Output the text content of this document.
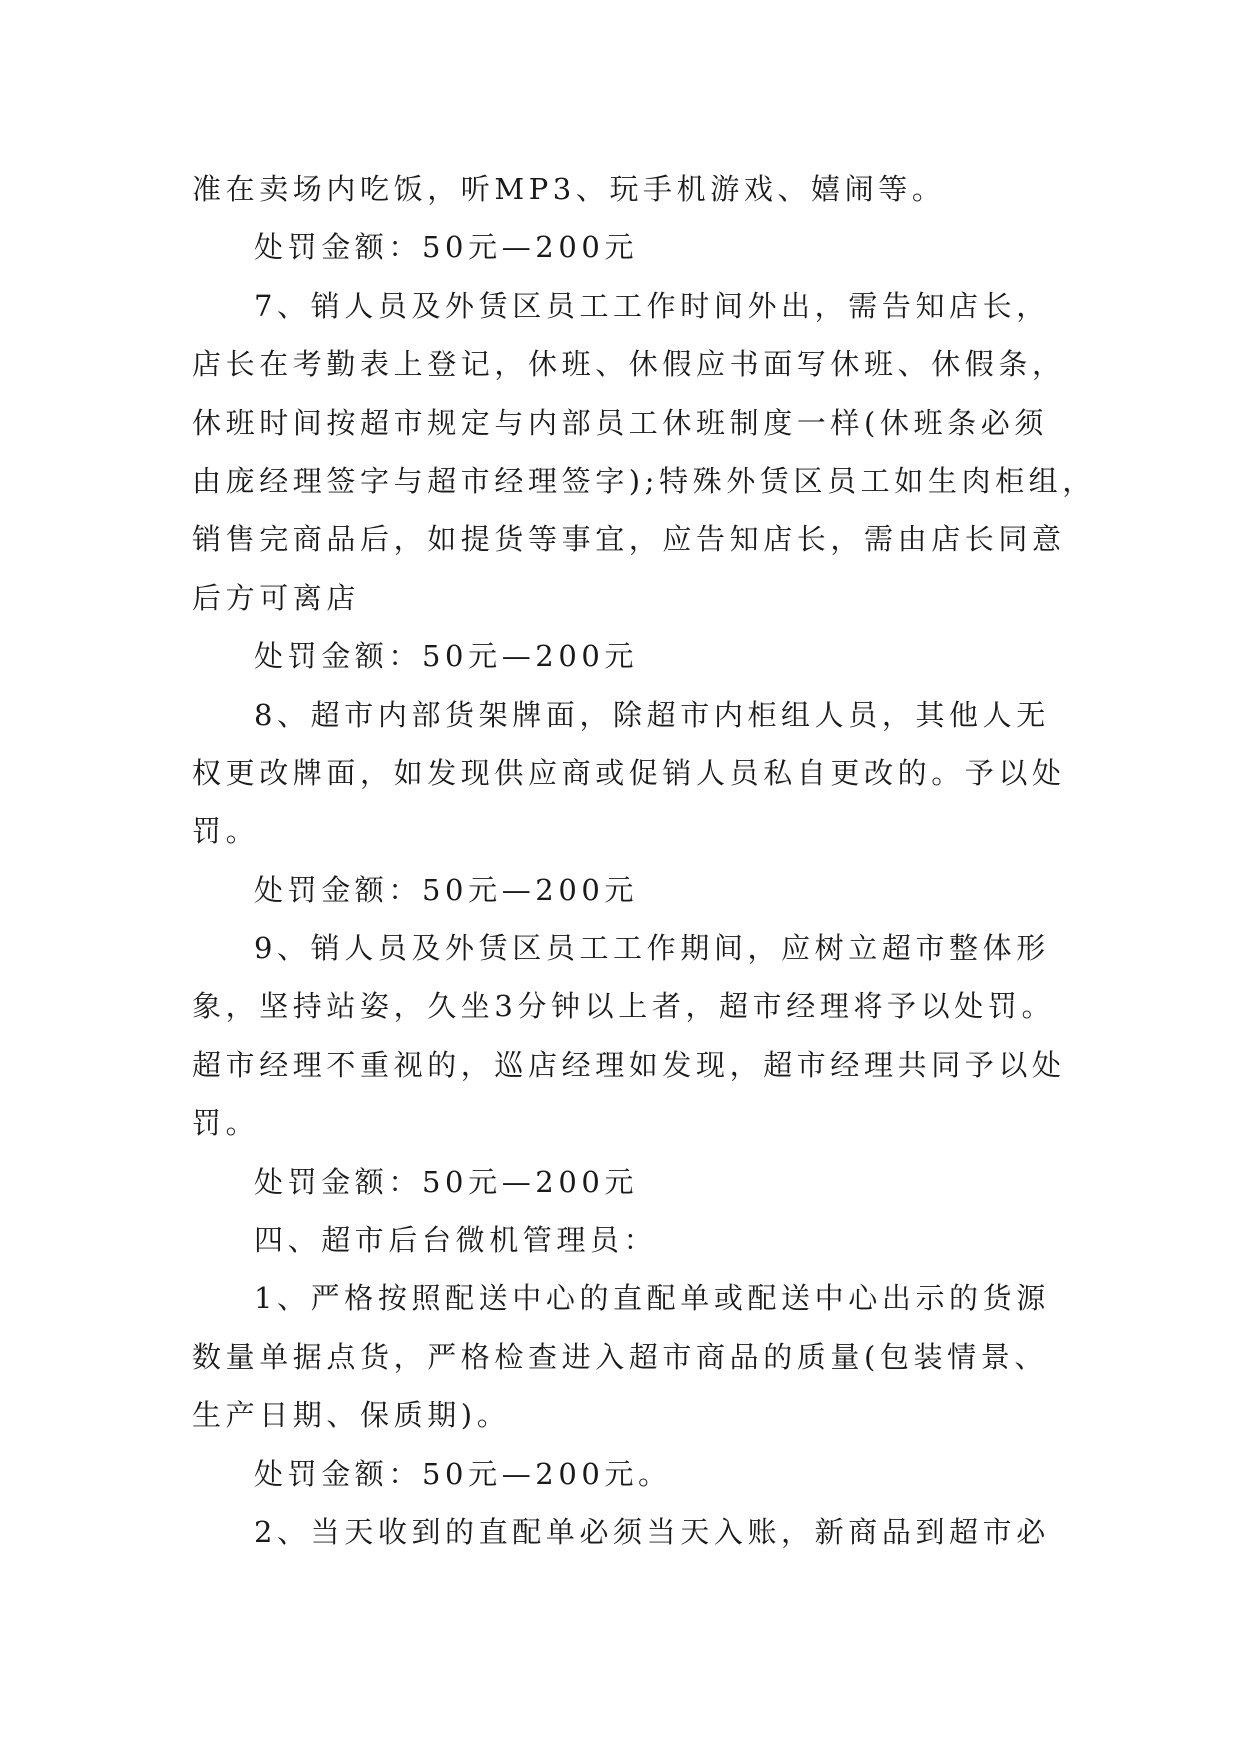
准在卖场内吃饭，听MP3、玩手机游戏、嬉闹等。
处罚金额：50元—200元
7、销人员及外赁区员工工作时间外出，需告知店长，
店长在考勤表上登记，休班、休假应书面写休班、休假条，
休班时间按超市规定与内部员工休班制度一样(休班条必须
由庞经理签字与超市经理签字);特殊外赁区员工如生肉柜组，
销售完商品后，如提货等事宜，应告知店长，需由店长同意
后方可离店
处罚金额：50元—200元
8、超市内部货架牌面，除超市内柜组人员，其他人无
权更改牌面，如发现供应商或促销人员私自更改的。予以处
罚。
处罚金额：50元—200元
9、销人员及外赁区员工工作期间，应树立超市整体形
象，坚持站姿，久坐3分钟以上者，超市经理将予以处罚。
超市经理不重视的，巡店经理如发现，超市经理共同予以处
罚。
处罚金额：50元—200元
四、超市后台微机管理员：
1、严格按照配送中心的直配单或配送中心出示的货源
数量单据点货，严格检查进入超市商品的质量(包装情景、
生产日期、保质期)。
处罚金额：50元—200元。
2、当天收到的直配单必须当天入账，新商品到超市必
